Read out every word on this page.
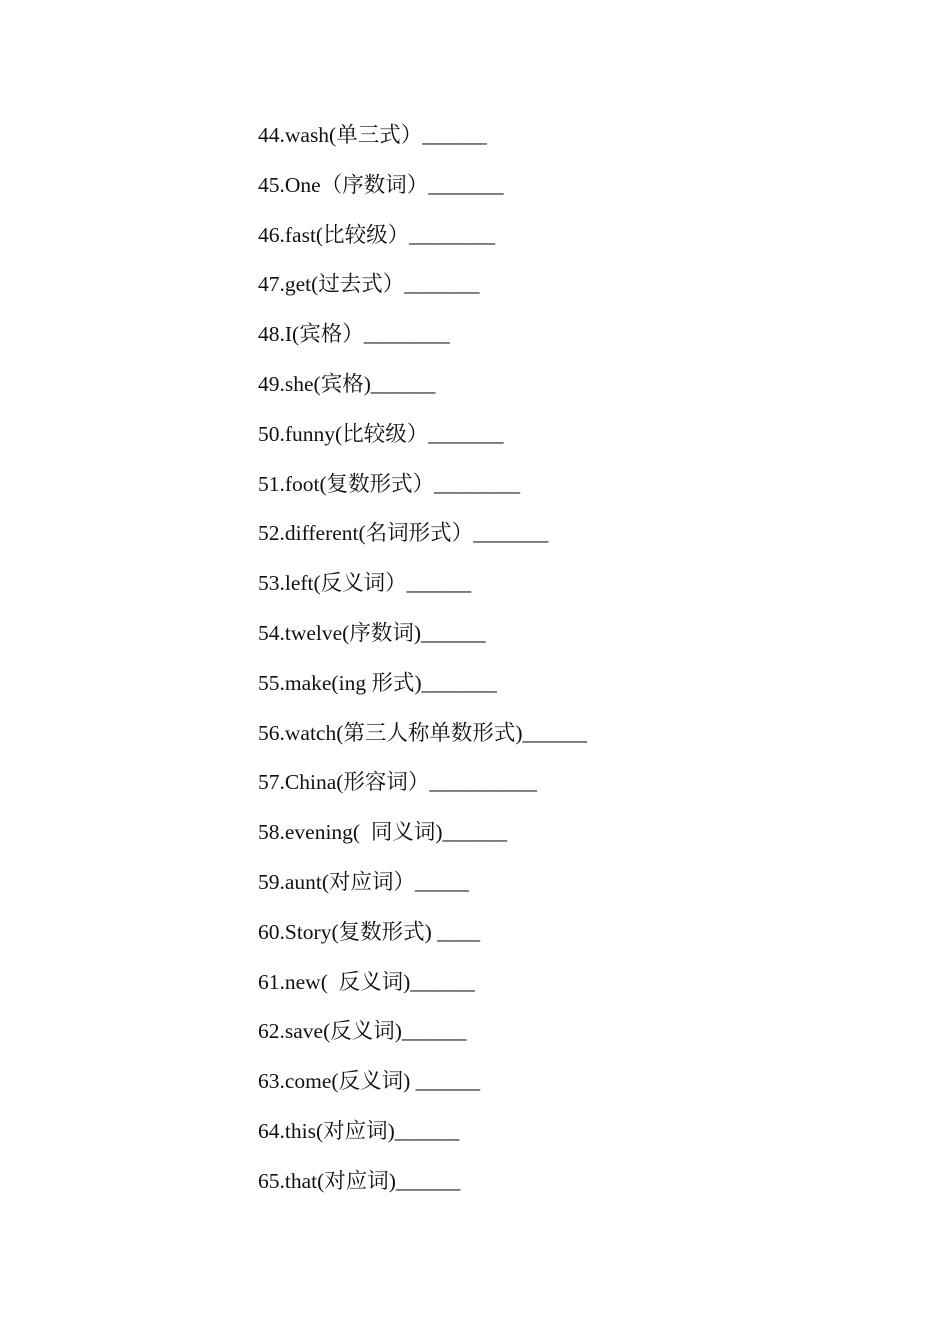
44.wash(单三式）______
45.One（序数词）_______
46.fast(比较级）________
47.get(过去式）_______
48.I(宾格）________
49.she(宾格)______
50.funny(比较级）_______
51.foot(复数形式）________
52.different(名词形式）_______
53.left(反义词）______
54.twelve(序数词)______
55.make(ing 形式)_______
56.watch(第三人称单数形式)______
57.China(形容词）__________
58.evening(  同义词)______
59.aunt(对应词）_____
60.Story(复数形式) ____
61.new(  反义词)______
62.save(反义词)______
63.come(反义词) ______
64.this(对应词)______
65.that(对应词)______
